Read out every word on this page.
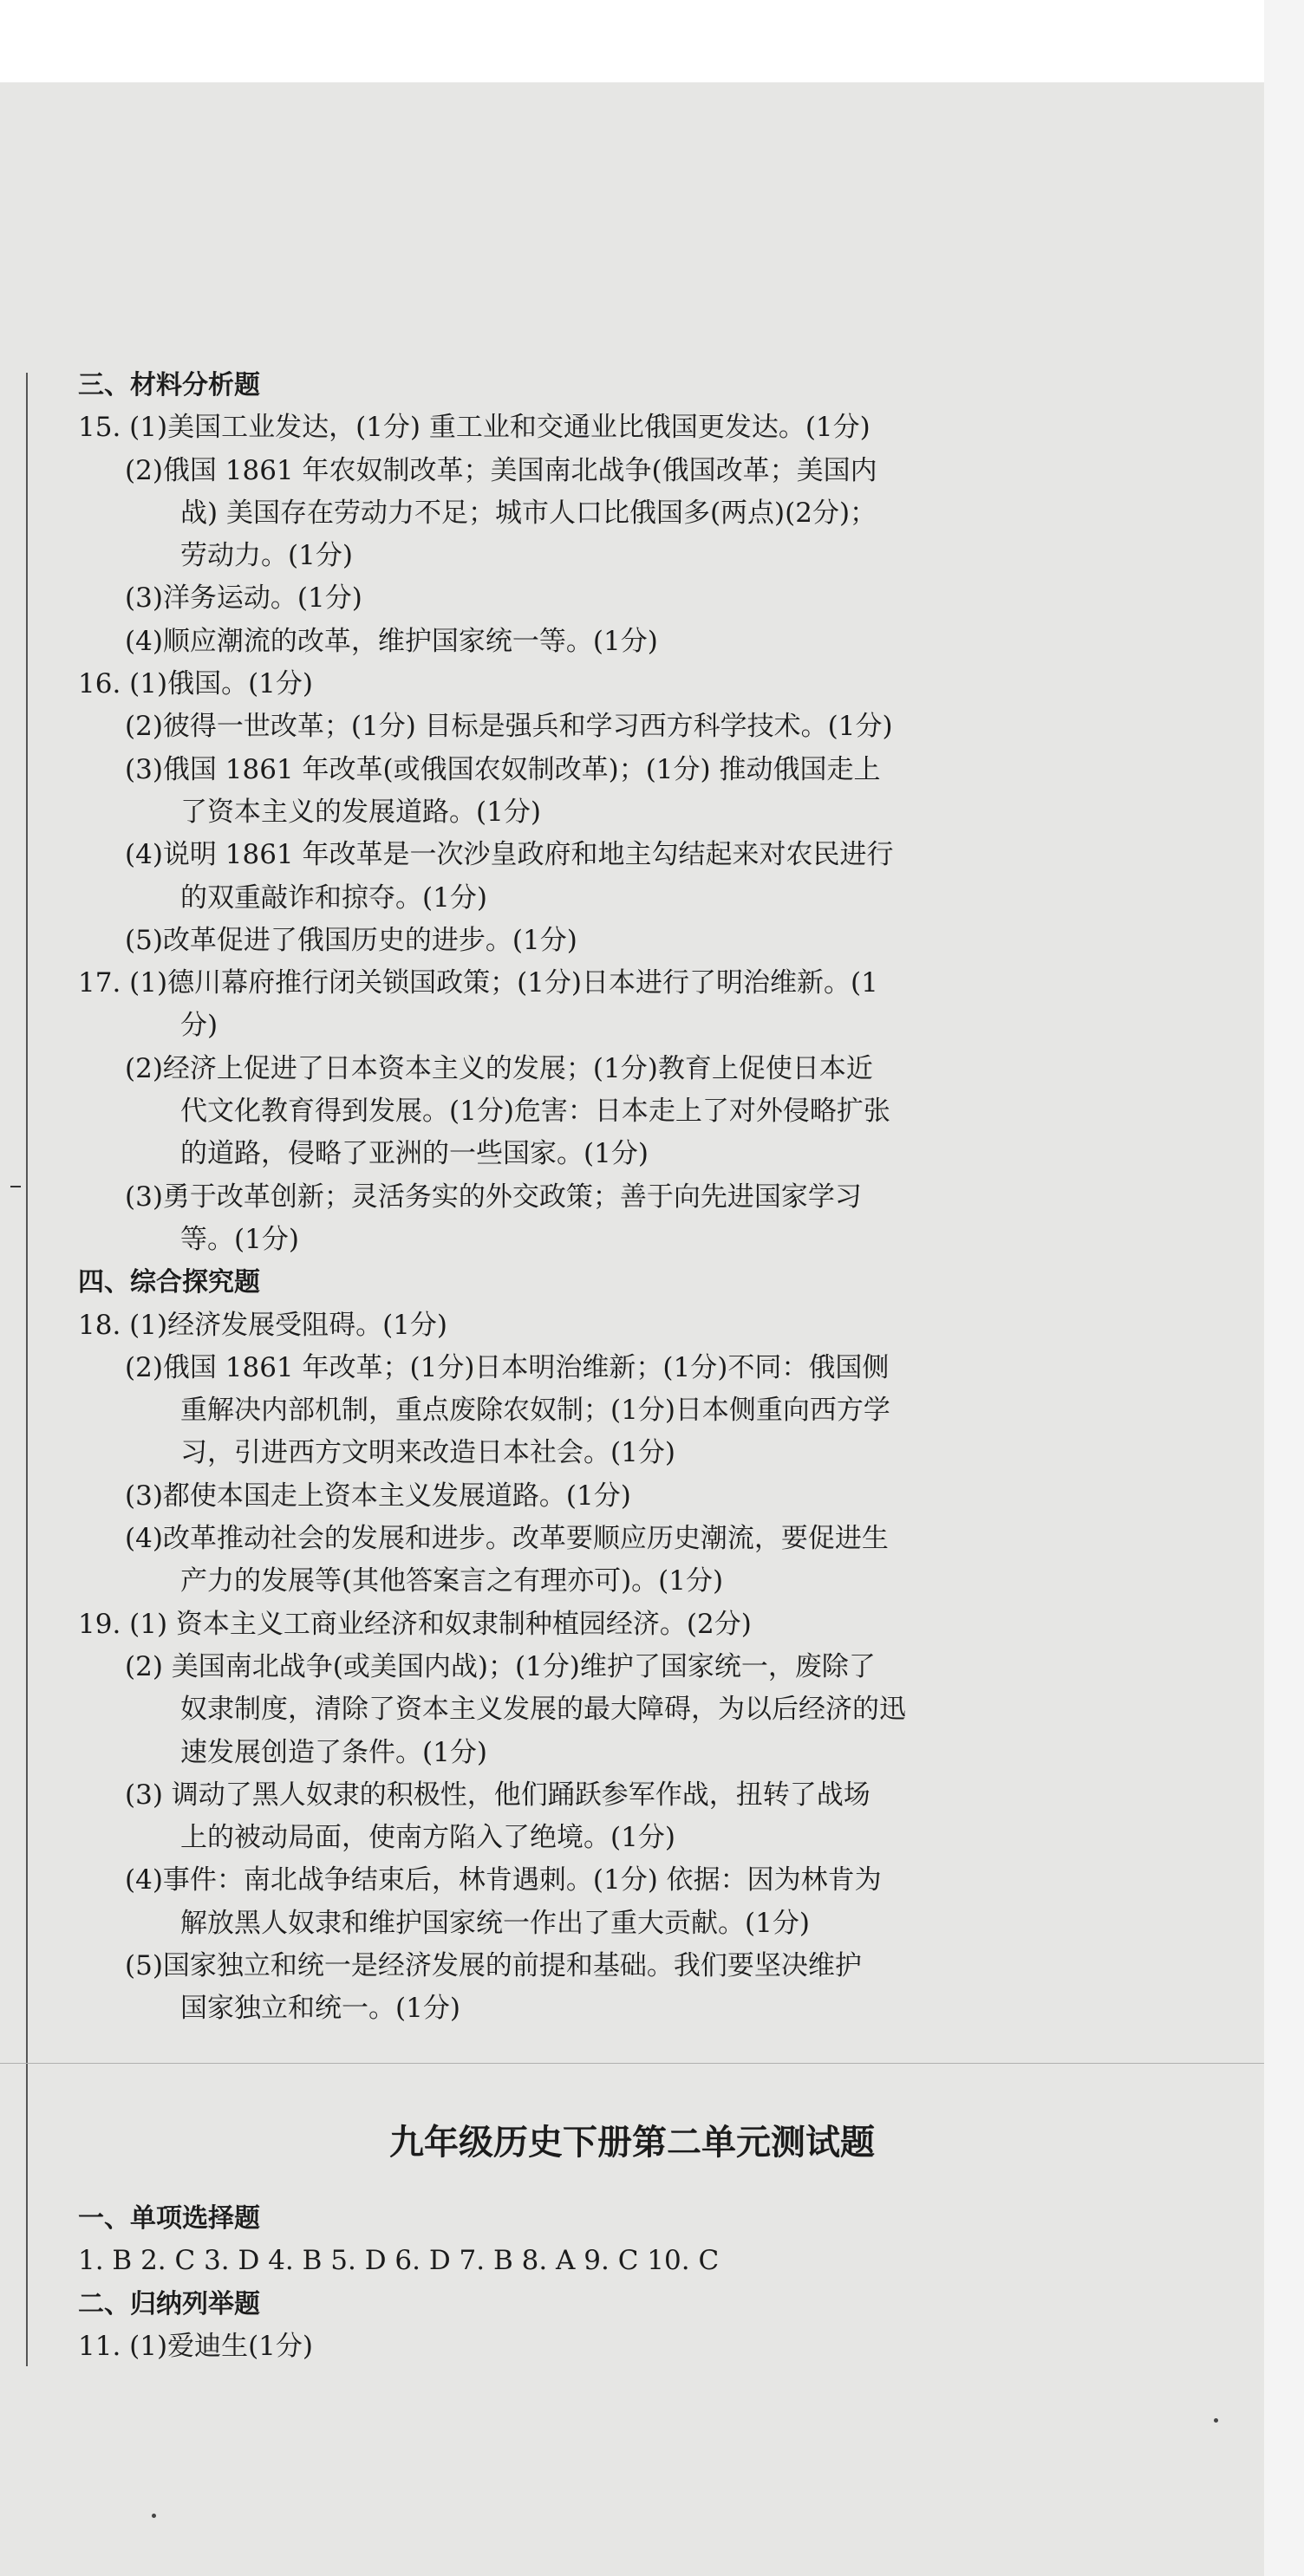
三、材料分析题
15. (1)美国工业发达，(1分) 重工业和交通业比俄国更发达。(1分)
(2)俄国 1861 年农奴制改革；美国南北战争(俄国改革；美国内
战) 美国存在劳动力不足；城市人口比俄国多(两点)(2分)；
劳动力。(1分)
(3)洋务运动。(1分)
(4)顺应潮流的改革，维护国家统一等。(1分)
16. (1)俄国。(1分)
(2)彼得一世改革；(1分) 目标是强兵和学习西方科学技术。(1分)
(3)俄国 1861 年改革(或俄国农奴制改革)；(1分) 推动俄国走上
了资本主义的发展道路。(1分)
(4)说明 1861 年改革是一次沙皇政府和地主勾结起来对农民进行
的双重敲诈和掠夺。(1分)
(5)改革促进了俄国历史的进步。(1分)
17. (1)德川幕府推行闭关锁国政策；(1分)日本进行了明治维新。(1
分)
(2)经济上促进了日本资本主义的发展；(1分)教育上促使日本近
代文化教育得到发展。(1分)危害：日本走上了对外侵略扩张
的道路，侵略了亚洲的一些国家。(1分)
(3)勇于改革创新；灵活务实的外交政策；善于向先进国家学习
等。(1分)
四、综合探究题
18. (1)经济发展受阻碍。(1分)
(2)俄国 1861 年改革；(1分)日本明治维新；(1分)不同：俄国侧
重解决内部机制，重点废除农奴制；(1分)日本侧重向西方学
习，引进西方文明来改造日本社会。(1分)
(3)都使本国走上资本主义发展道路。(1分)
(4)改革推动社会的发展和进步。改革要顺应历史潮流，要促进生
产力的发展等(其他答案言之有理亦可)。(1分)
19. (1) 资本主义工商业经济和奴隶制种植园经济。(2分)
(2) 美国南北战争(或美国内战)；(1分)维护了国家统一，废除了
奴隶制度，清除了资本主义发展的最大障碍，为以后经济的迅
速发展创造了条件。(1分)
(3) 调动了黑人奴隶的积极性，他们踊跃参军作战，扭转了战场
上的被动局面，使南方陷入了绝境。(1分)
(4)事件：南北战争结束后，林肯遇刺。(1分) 依据：因为林肯为
解放黑人奴隶和维护国家统一作出了重大贡献。(1分)
(5)国家独立和统一是经济发展的前提和基础。我们要坚决维护
国家独立和统一。(1分)
九年级历史下册第二单元测试题
一、单项选择题
1. B 2. C 3. D 4. B 5. D 6. D 7. B 8. A 9. C 10. C
二、归纳列举题
11. (1)爱迪生(1分)
